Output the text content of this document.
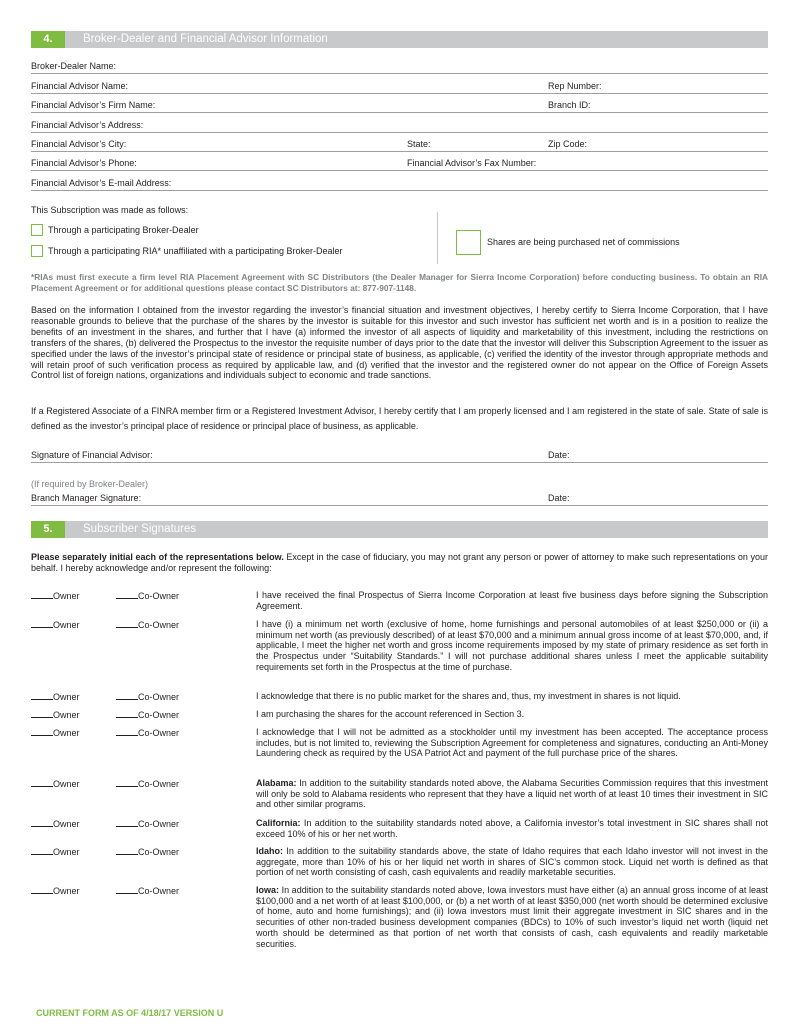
4.	Broker-Dealer and Financial Advisor Information
Broker-Dealer Name:
Financial Advisor Name:	Rep Number:
Financial Advisor’s Firm Name:	Branch ID:
Financial Advisor’s Address:
Financial Advisor’s City:	State:	Zip Code:
Financial Advisor’s Phone:	Financial Advisor’s Fax Number:
Financial Advisor’s E-mail Address:
This Subscription was made as follows:
Through a participating Broker-Dealer
Through a participating RIA* unaffiliated with a participating Broker-Dealer
Shares are being purchased net of commissions
*RIAs must first execute a firm level RIA Placement Agreement with SC Distributors (the Dealer Manager for Sierra Income Corporation) before conducting business. To obtain an RIA Placement Agreement or for additional questions please contact SC Distributors at: 877-907-1148.
Based on the information I obtained from the investor regarding the investor’s financial situation and investment objectives, I hereby certify to Sierra Income Corporation, that I have reasonable grounds to believe that the purchase of the shares by the investor is suitable for this investor and such investor has sufficient net worth and is in a position to realize the benefits of an investment in the shares, and further that I have (a) informed the investor of all aspects of liquidity and marketability of this investment, including the restrictions on transfers of the shares, (b) delivered the Prospectus to the investor the requisite number of days prior to the date that the investor will deliver this Subscription Agreement to the issuer as specified under the laws of the investor’s principal state of residence or principal state of business, as applicable, (c) verified the identity of the investor through appropriate methods and will retain proof of such verification process as required by applicable law, and (d) verified that the investor and the registered owner do not appear on the Office of Foreign Assets Control list of foreign nations, organizations and individuals subject to economic and trade sanctions.
If a Registered Associate of a FINRA member firm or a Registered Investment Advisor, I hereby certify that I am properly licensed and I am registered in the state of sale. State of sale is defined as the investor’s principal place of residence or principal place of business, as applicable.
Signature of Financial Advisor:	Date:
(If required by Broker-Dealer)
Branch Manager Signature:	Date:
5.	Subscriber Signatures
Please separately initial each of the representations below. Except in the case of fiduciary, you may not grant any person or power of attorney to make such representations on your behalf. I hereby acknowledge and/or represent the following:
Owner	Co-Owner	I have received the final Prospectus of Sierra Income Corporation at least five business days before signing the Subscription Agreement.
Owner	Co-Owner	I have (i) a minimum net worth (exclusive of home, home furnishings and personal automobiles of at least $250,000 or (ii) a minimum net worth (as previously described) of at least $70,000 and a minimum annual gross income of at least $70,000, and, if applicable, I meet the higher net worth and gross income requirements imposed by my state of primary residence as set forth in the Prospectus under “Suitability Standards.” I will not purchase additional shares unless I meet the applicable suitability requirements set forth in the Prospectus at the time of purchase.
Owner	Co-Owner	I acknowledge that there is no public market for the shares and, thus, my investment in shares is not liquid.
Owner	Co-Owner	I am purchasing the shares for the account referenced in Section 3.
Owner	Co-Owner	I acknowledge that I will not be admitted as a stockholder until my investment has been accepted. The acceptance process includes, but is not limited to, reviewing the Subscription Agreement for completeness and signatures, conducting an Anti-Money Laundering check as required by the USA Patriot Act and payment of the full purchase price of the shares.
Owner	Co-Owner	Alabama: In addition to the suitability standards noted above, the Alabama Securities Commission requires that this investment will only be sold to Alabama residents who represent that they have a liquid net worth of at least 10 times their investment in SIC and other similar programs.
Owner	Co-Owner	California: In addition to the suitability standards noted above, a California investor’s total investment in SIC shares shall not exceed 10% of his or her net worth.
Owner	Co-Owner	Idaho: In addition to the suitability standards above, the state of Idaho requires that each Idaho investor will not invest in the aggregate, more than 10% of his or her liquid net worth in shares of SIC’s common stock. Liquid net worth is defined as that portion of net worth consisting of cash, cash equivalents and readily marketable securities.
Owner	Co-Owner	Iowa: In addition to the suitability standards noted above, Iowa investors must have either (a) an annual gross income of at least $100,000 and a net worth of at least $100,000, or (b) a net worth of at least $350,000 (net worth should be determined exclusive of home, auto and home furnishings); and (ii) Iowa investors must limit their aggregate investment in SIC shares and in the securities of other non-traded business development companies (BDCs) to 10% of such investor’s liquid net worth (liquid net worth should be determined as that portion of net worth that consists of cash, cash equivalents and readily marketable securities.
CURRENT FORM AS OF 4/18/17 VERSION U
